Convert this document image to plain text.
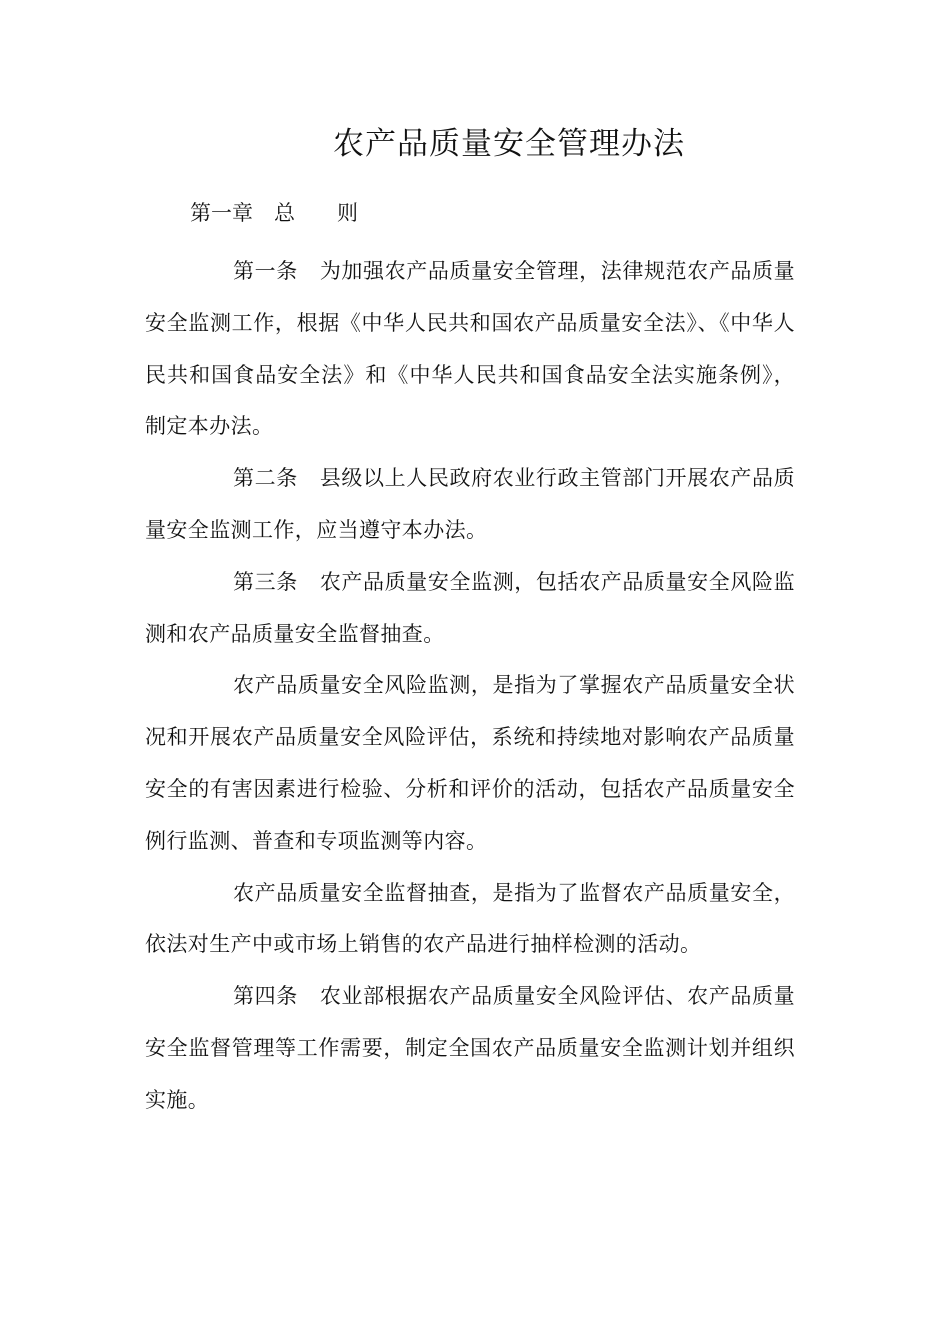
农产品质量安全管理办法
第一章　总　　则

第一条 为加强农产品质量安全管理，法律规范农产品质量安全监测工作，根据《中华人民共和国农产品质量安全法》、《中华人民共和国食品安全法》和《中华人民共和国食品安全法实施条例》，制定本办法。

第二条 县级以上人民政府农业行政主管部门开展农产品质量安全监测工作，应当遵守本办法。

第三条 农产品质量安全监测，包括农产品质量安全风险监测和农产品质量安全监督抽查。

农产品质量安全风险监测，是指为了掌握农产品质量安全状况和开展农产品质量安全风险评估，系统和持续地对影响农产品质量安全的有害因素进行检验、分析和评价的活动，包括农产品质量安全例行监测、普查和专项监测等内容。

农产品质量安全监督抽查，是指为了监督农产品质量安全，依法对生产中或市场上销售的农产品进行抽样检测的活动。

第四条 农业部根据农产品质量安全风险评估、农产品质量安全监督管理等工作需要，制定全国农产品质量安全监测计划并组织实施。
